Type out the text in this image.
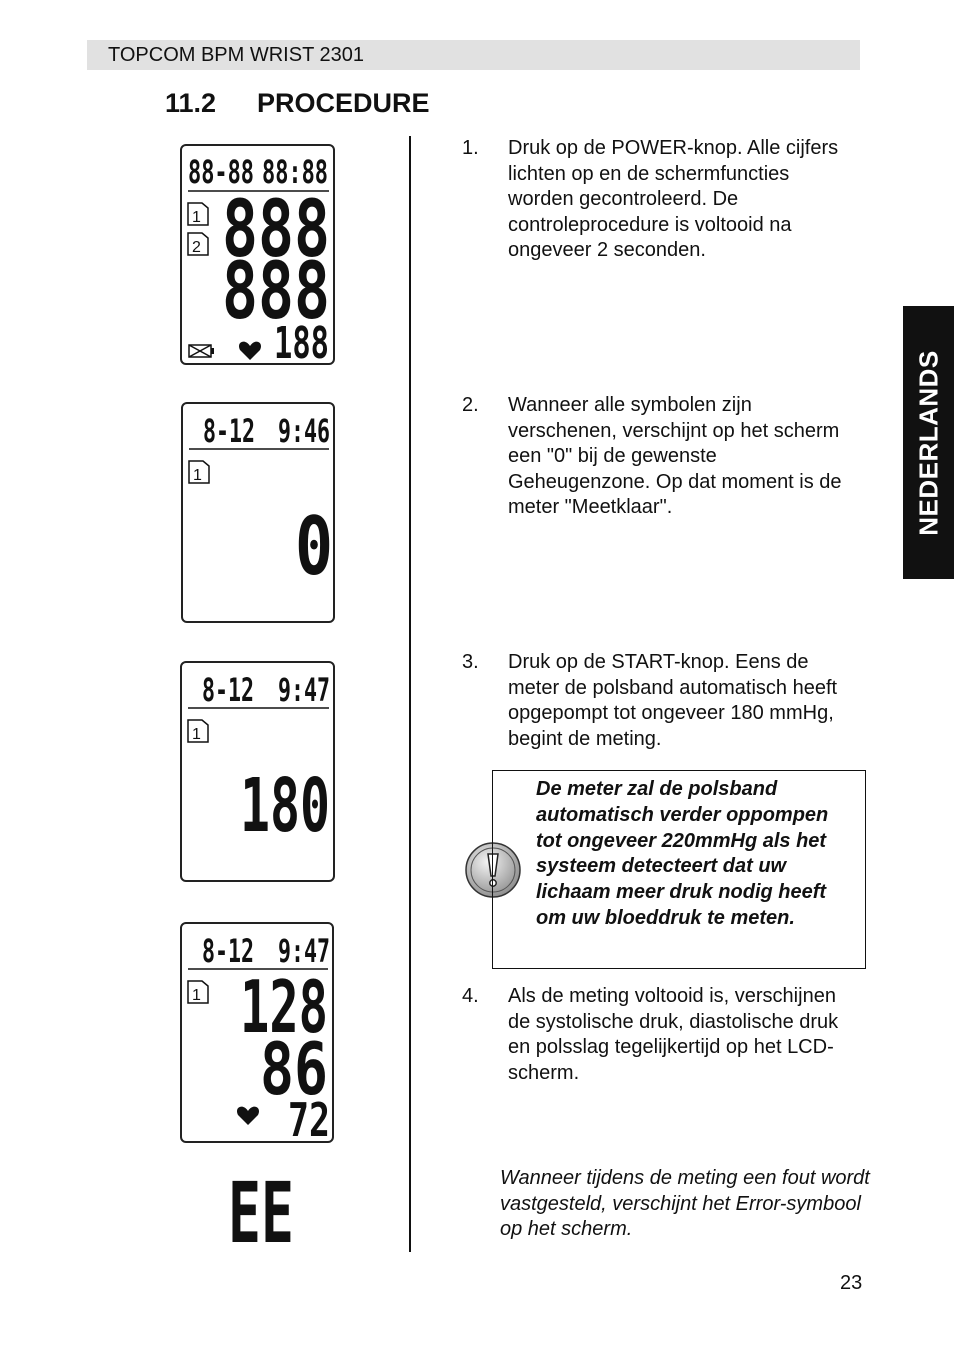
TOPCOM BPM WRIST 2301
11.2 PROCEDURE
NEDERLANDS
88-88 88:88
1
2 888
888
188
8-12 9:46
1
0
8-12 9:47
1
180
8-12 9:47
1 128
86
72
EE
1. Druk op de POWER-knop. Alle cijfers lichten op en de schermfuncties worden gecontroleerd. De controleprocedure is voltooid na ongeveer 2 seconden.
2. Wanneer alle symbolen zijn verschenen, verschijnt op het scherm een "0" bij de gewenste Geheugenzone. Op dat moment is de meter "Meetklaar".
3. Druk op de START-knop. Eens de meter de polsband automatisch heeft opgepompt tot ongeveer 180 mmHg, begint de meting.
4. Als de meting voltooid is, verschijnen de systolische druk, diastolische druk en polsslag tegelijkertijd op het LCD-scherm.
De meter zal de polsband automatisch verder oppompen tot ongeveer 220mmHg als het systeem detecteert dat uw lichaam meer druk nodig heeft om uw bloeddruk te meten.
Wanneer tijdens de meting een fout wordt vastgesteld, verschijnt het Error-symbool op het scherm.
23
